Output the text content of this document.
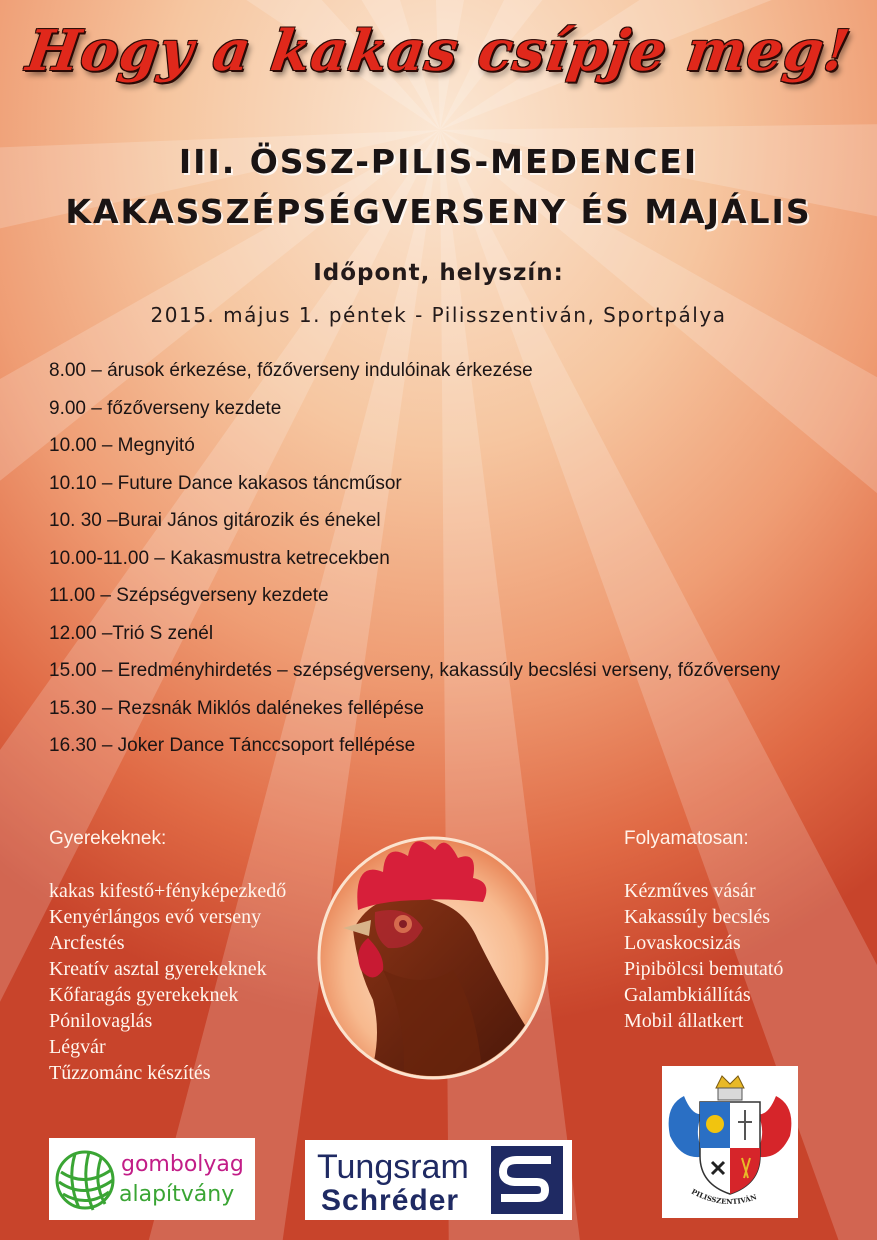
Hogy a kakas csípje meg!
III. ÖSSZ-PILIS-MEDENCEI
KAKASSZÉPSÉGVERSENY ÉS MAJÁLIS
Időpont, helyszín:
2015. május 1. péntek - Pilisszentiván, Sportpálya
8.00 – árusok érkezése, főzőverseny indulóinak érkezése
9.00 – főzőverseny kezdete
10.00 – Megnyitó
10.10 – Future Dance kakasos táncműsor
10. 30 –Burai János gitározik és énekel
10.00-11.00 – Kakasmustra ketrecekben
11.00 – Szépségverseny kezdete
12.00 –Trió S zenél
15.00 – Eredményhirdetés – szépségverseny, kakassúly becslési verseny, főzőverseny
15.30 – Rezsnák Miklós dalénekes fellépése
16.30 – Joker Dance Tánccsoport fellépése
Gyerekeknek:
kakas kifestő+fényképezkedő
Kenyérlángos evő verseny
Arcfestés
Kreatív asztal gyerekeknek
Kőfaragás gyerekeknek
Pónilovaglás
Légvár
Tűzzománc készítés
Folyamatosan:
Kézműves vásár
Kakassúly becslés
Lovaskocsizás
Pipibölcsi bemutató
Galambkiállítás
Mobil állatkert
gombolyag
alapítvány
Tungsram
Schréder	PILISSZENTIVÁN
